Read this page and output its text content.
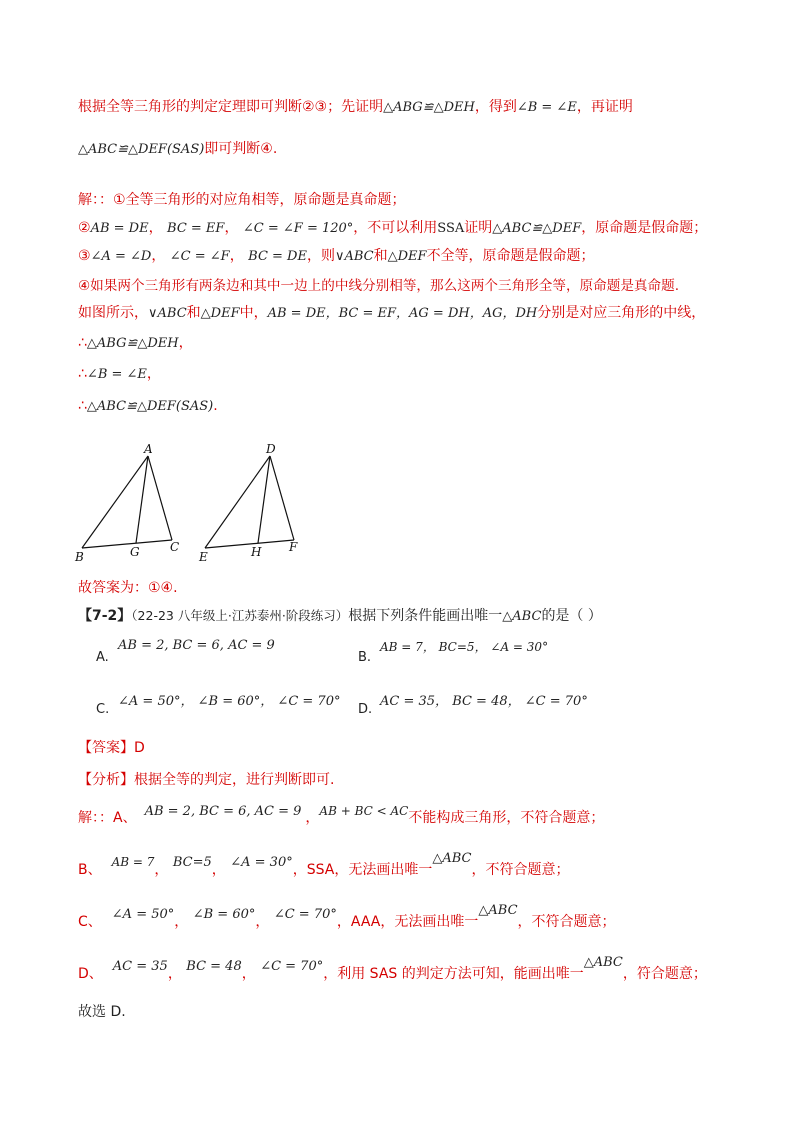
根据全等三角形的判定定理即可判断②③；先证明△ABG≌△DEH，得到∠B = ∠E，再证明
△ABC≌△DEF(SAS)即可判断④.
解：：①全等三角形的对应角相等，原命题是真命题；
②AB = DE， BC = EF， ∠C = ∠F = 120°，不可以利用SSA证明△ABC≌△DEF，原命题是假命题；
③∠A = ∠D， ∠C = ∠F， BC = DE，则∨ABC和△DEF不全等，原命题是假命题；
④如果两个三角形有两条边和其中一边上的中线分别相等，那么这两个三角形全等，原命题是真命题.
如图所示，∨ABC和△DEF中，AB = DE，BC = EF，AG = DH，AG，DH分别是对应三角形的中线，
∴△ABG≌△DEH，
∴∠B = ∠E，
∴△ABC≌△DEF(SAS).
A
B	G	C
D
E	H F
故答案为：①④.
【7-2】（22-23 八年级上·江苏泰州·阶段练习）根据下列条件能画出唯一△ABC的是（ ）
A.
AB = 2, BC = 6, AC = 9
B.
AB = 7， BC=5， ∠A = 30°
C.
∠A = 50°， ∠B = 60°， ∠C = 70°
D.
AC = 35， BC = 48， ∠C = 70°
【答案】D
【分析】根据全等的判定，进行判断即可.
解：：A、 AB = 2, BC = 6, AC = 9 ，AB + BC < AC不能构成三角形，不符合题意；
B、 AB = 7， BC=5， ∠A = 30°，SSA，无法画出唯一△ABC，不符合题意；
C、 ∠A = 50°， ∠B = 60°， ∠C = 70°，AAA，无法画出唯一△ABC，不符合题意；
D、 AC = 35， BC = 48， ∠C = 70°，利用 SAS 的判定方法可知，能画出唯一△ABC，符合题意；
故选 D.
